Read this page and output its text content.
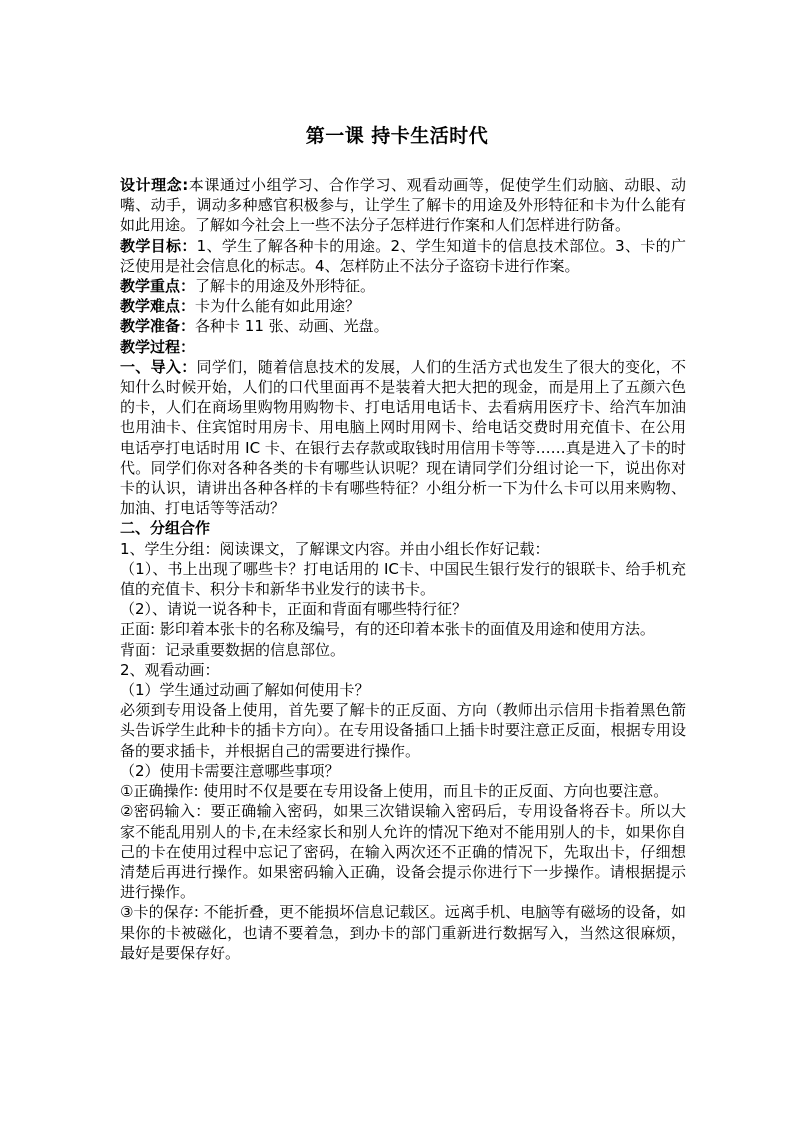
第一课 持卡生活时代

设计理念:本课通过小组学习、合作学习、观看动画等，促使学生们动脑、动眼、动嘴、动手，调动多种感官积极参与，让学生了解卡的用途及外形特征和卡为什么能有如此用途。了解如今社会上一些不法分子怎样进行作案和人们怎样进行防备。

教学目标：1、学生了解各种卡的用途。2、学生知道卡的信息技术部位。3、卡的广泛使用是社会信息化的标志。4、怎样防止不法分子盗窃卡进行作案。

教学重点：了解卡的用途及外形特征。

教学难点：卡为什么能有如此用途？

教学准备：各种卡 11 张、动画、光盘。

教学过程：

一、导入：同学们，随着信息技术的发展，人们的生活方式也发生了很大的变化，不知什么时候开始，人们的口代里面再不是装着大把大把的现金，而是用上了五颜六色的卡，人们在商场里购物用购物卡、打电话用电话卡、去看病用医疗卡、给汽车加油也用油卡、住宾馆时用房卡、用电脑上网时用网卡、给电话交费时用充值卡、在公用电话亭打电话时用 IC 卡、在银行去存款或取钱时用信用卡等等……真是进入了卡的时代。同学们你对各种各类的卡有哪些认识呢？现在请同学们分组讨论一下，说出你对卡的认识，请讲出各种各样的卡有哪些特征？小组分析一下为什么卡可以用来购物、加油、打电话等等活动？

二、分组合作

1、学生分组：阅读课文，了解课文内容。并由小组长作好记载：

（1）、书上出现了哪些卡？打电话用的 IC卡、中国民生银行发行的银联卡、给手机充值的充值卡、积分卡和新华书业发行的读书卡。

（2）、请说一说各种卡，正面和背面有哪些特行征？

正面: 影印着本张卡的名称及编号，有的还印着本张卡的面值及用途和使用方法。

背面：记录重要数据的信息部位。

2、观看动画：

（1）学生通过动画了解如何使用卡？

必须到专用设备上使用，首先要了解卡的正反面、方向（教师出示信用卡指着黑色箭头告诉学生此种卡的插卡方向）。在专用设备插口上插卡时要注意正反面，根据专用设备的要求插卡，并根据自己的需要进行操作。

（2）使用卡需要注意哪些事项？

①正确操作: 使用时不仅是要在专用设备上使用，而且卡的正反面、方向也要注意。

②密码输入：要正确输入密码，如果三次错误输入密码后，专用设备将吞卡。所以大家不能乱用别人的卡,在未经家长和别人允许的情况下绝对不能用别人的卡，如果你自己的卡在使用过程中忘记了密码，在输入两次还不正确的情况下，先取出卡，仔细想清楚后再进行操作。如果密码输入正确，设备会提示你进行下一步操作。请根据提示进行操作。

③卡的保存: 不能折叠，更不能损坏信息记载区。远离手机、电脑等有磁场的设备，如果你的卡被磁化，也请不要着急，到办卡的部门重新进行数据写入，当然这很麻烦，最好是要保存好。
